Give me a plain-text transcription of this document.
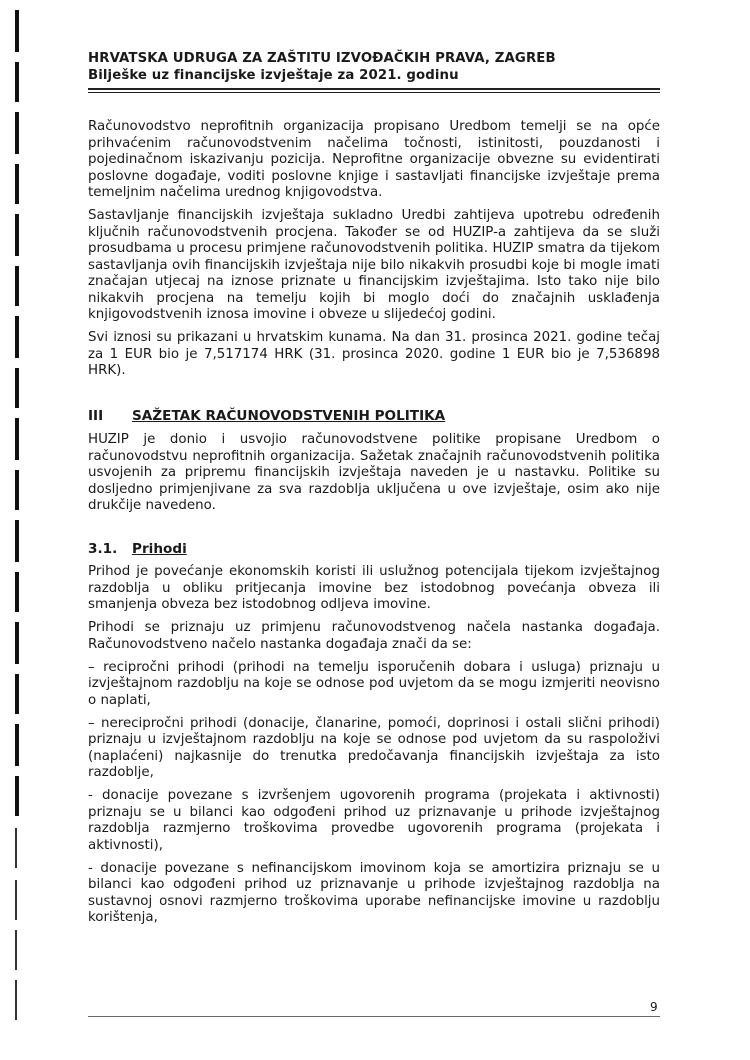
HRVATSKA UDRUGA ZA ZAŠTITU IZVOĐAČKIH PRAVA, ZAGREB
Bilješke uz financijske izvještaje za 2021. godinu

Računovodstvo neprofitnih organizacija propisano Uredbom temelji se na opće prihvaćenim računovodstvenim načelima točnosti, istinitosti, pouzdanosti i pojedinačnom iskazivanju pozicija. Neprofitne organizacije obvezne su evidentirati poslovne događaje, voditi poslovne knjige i sastavljati financijske izvještaje prema temeljnim načelima urednog knjigovodstva.

Sastavljanje financijskih izvještaja sukladno Uredbi zahtijeva upotrebu određenih ključnih računovodstvenih procjena. Također se od HUZIP-a zahtijeva da se služi prosudbama u procesu primjene računovodstvenih politika. HUZIP smatra da tijekom sastavljanja ovih financijskih izvještaja nije bilo nikakvih prosudbi koje bi mogle imati značajan utjecaj na iznose priznate u financijskim izvještajima. Isto tako nije bilo nikakvih procjena na temelju kojih bi moglo doći do značajnih usklađenja knjigovodstvenih iznosa imovine i obveze u slijedećoj godini.

Svi iznosi su prikazani u hrvatskim kunama. Na dan 31. prosinca 2021. godine tečaj za 1 EUR bio je 7,517174 HRK (31. prosinca 2020. godine 1 EUR bio je 7,536898 HRK).

III	SAŽETAK RAČUNOVODSTVENIH POLITIKA

HUZIP je donio i usvojio računovodstvene politike propisane Uredbom o računovodstvu neprofitnih organizacija. Sažetak značajnih računovodstvenih politika usvojenih za pripremu financijskih izvještaja naveden je u nastavku. Politike su dosljedno primjenjivane za sva razdoblja uključena u ove izvještaje, osim ako nije drukčije navedeno.

3.1.	Prihodi

Prihod je povećanje ekonomskih koristi ili uslužnog potencijala tijekom izvještajnog razdoblja u obliku pritjecanja imovine bez istodobnog povećanja obveza ili smanjenja obveza bez istodobnog odljeva imovine.

Prihodi se priznaju uz primjenu računovodstvenog načela nastanka događaja. Računovodstveno načelo nastanka događaja znači da se:

– recipročni prihodi (prihodi na temelju isporučenih dobara i usluga) priznaju u izvještajnom razdoblju na koje se odnose pod uvjetom da se mogu izmjeriti neovisno o naplati,

– nerecipročni prihodi (donacije, članarine, pomoći, doprinosi i ostali slični prihodi) priznaju u izvještajnom razdoblju na koje se odnose pod uvjetom da su raspoloživi (naplaćeni) najkasnije do trenutka predočavanja financijskih izvještaja za isto razdoblje,

- donacije povezane s izvršenjem ugovorenih programa (projekata i aktivnosti) priznaju se u bilanci kao odgođeni prihod uz priznavanje u prihode izvještajnog razdoblja razmjerno troškovima provedbe ugovorenih programa (projekata i aktivnosti),

- donacije povezane s nefinancijskom imovinom koja se amortizira priznaju se u bilanci kao odgođeni prihod uz priznavanje u prihode izvještajnog razdoblja na sustavnoj osnovi razmjerno troškovima uporabe nefinancijske imovine u razdoblju korištenja,

9
